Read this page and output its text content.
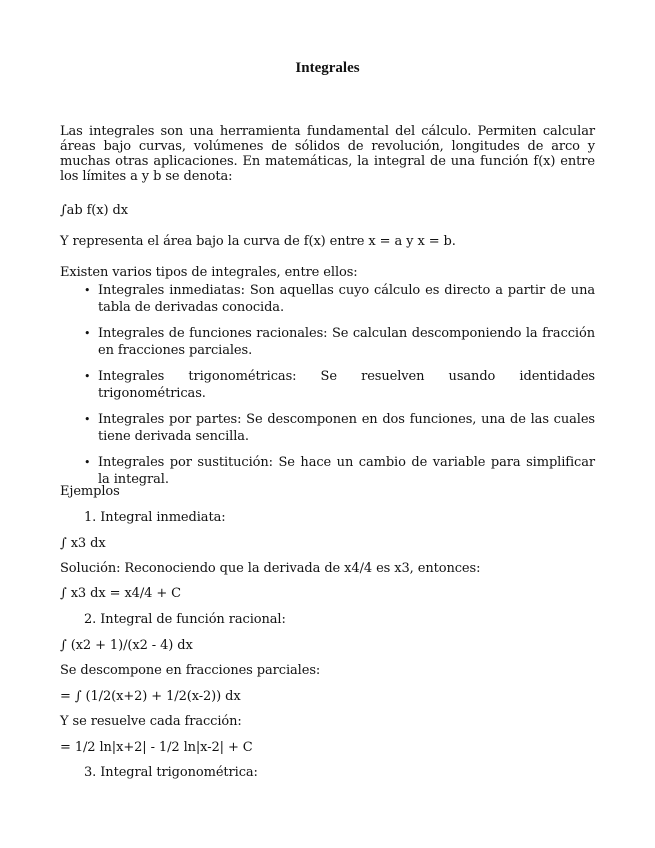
Integrales

Las integrales son una herramienta fundamental del cálculo. Permiten calcular áreas bajo curvas, volúmenes de sólidos de revolución, longitudes de arco y muchas otras aplicaciones. En matemáticas, la integral de una función f(x) entre los límites a y b se denota:

∫ab f(x) dx
Y representa el área bajo la curva de f(x) entre x = a y x = b.
Existen varios tipos de integrales, entre ellos:
• Integrales inmediatas: Son aquellas cuyo cálculo es directo a partir de una tabla de derivadas conocida.
• Integrales de funciones racionales: Se calculan descomponiendo la fracción en fracciones parciales.
• Integrales trigonométricas: Se resuelven usando identidades trigonométricas.
• Integrales por partes: Se descomponen en dos funciones, una de las cuales tiene derivada sencilla.
• Integrales por sustitución: Se hace un cambio de variable para simplificar la integral.
Ejemplos
1. Integral inmediata:
∫ x3 dx
Solución: Reconociendo que la derivada de x4/4 es x3, entonces:
∫ x3 dx = x4/4 + C
2. Integral de función racional:
∫ (x2 + 1)/(x2 - 4) dx
Se descompone en fracciones parciales:
= ∫ (1/2(x+2) + 1/2(x-2)) dx
Y se resuelve cada fracción:
= 1/2 ln|x+2| - 1/2 ln|x-2| + C
3. Integral trigonométrica:
